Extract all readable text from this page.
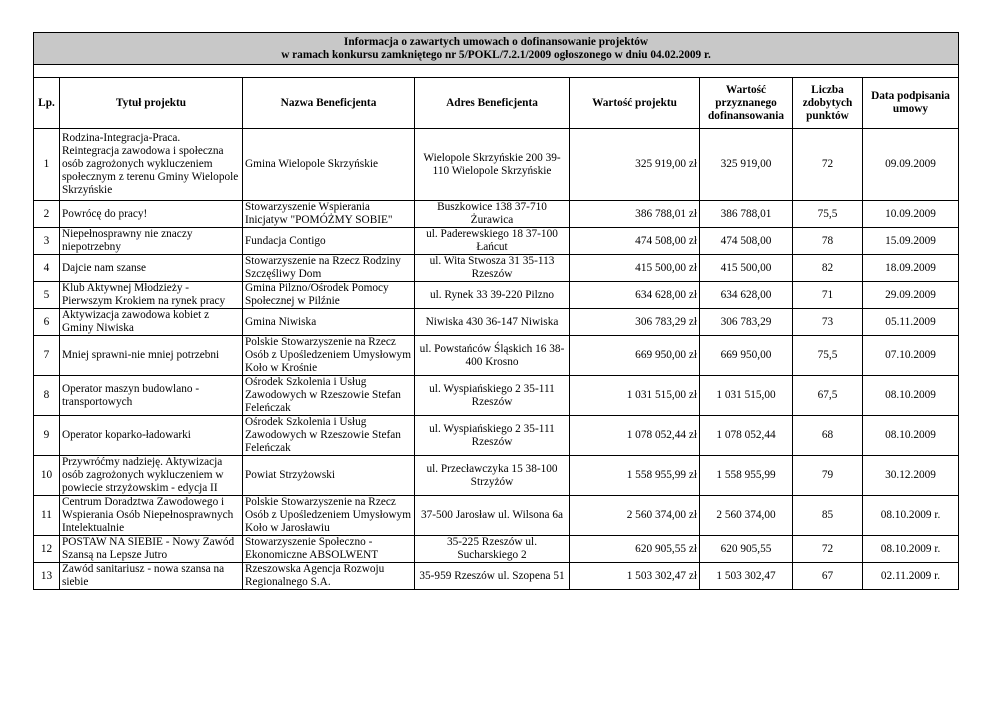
Informacja o zawartych umowach o dofinansowanie projektów
w ramach konkursu zamkniętego nr 5/POKL/7.2.1/2009 ogłoszonego w dniu 04.02.2009 r.							

Lp.	Tytuł projektu	Nazwa Beneficjenta	Adres Beneficjenta	Wartość projektu	Wartość przyznanego dofinansowania	Liczba zdobytych punktów	Data podpisania umowy
1	Rodzina-Integracja-Praca. Reintegracja zawodowa i społeczna osób zagrożonych wykluczeniem społecznym z terenu Gminy Wielopole Skrzyńskie	Gmina Wielopole Skrzyńskie	Wielopole Skrzyńskie 200 39-110 Wielopole Skrzyńskie	325 919,00 zł	325 919,00	72	09.09.2009
2	Powrócę do pracy!	Stowarzyszenie Wspierania Inicjatyw "POMÓŻMY SOBIE"	Buszkowice 138 37-710 Żurawica	386 788,01 zł	386 788,01	75,5	10.09.2009
3	Niepełnosprawny nie znaczy niepotrzebny	Fundacja Contigo	ul. Paderewskiego 18 37-100 Łańcut	474 508,00 zł	474 508,00	78	15.09.2009
4	Dajcie nam szanse	Stowarzyszenie na Rzecz Rodziny Szczęśliwy Dom	ul. Wita Stwosza 31 35-113 Rzeszów	415 500,00 zł	415 500,00	82	18.09.2009
5	Klub Aktywnej Młodzieży - Pierwszym Krokiem na rynek pracy	Gmina Pilzno/Ośrodek Pomocy Społecznej w Pilźnie	ul. Rynek 33 39-220 Pilzno	634 628,00 zł	634 628,00	71	29.09.2009
6	Aktywizacja zawodowa kobiet z Gminy Niwiska	Gmina Niwiska	Niwiska 430 36-147 Niwiska	306 783,29 zł	306 783,29	73	05.11.2009
7	Mniej sprawni-nie mniej potrzebni	Polskie Stowarzyszenie na Rzecz Osób z Upośledzeniem Umysłowym Koło w Krośnie	ul. Powstańców Śląskich 16 38-400 Krosno	669 950,00 zł	669 950,00	75,5	07.10.2009
8	Operator maszyn budowlano - transportowych	Ośrodek Szkolenia i Usług Zawodowych w Rzeszowie Stefan Feleńczak	ul. Wyspiańskiego 2 35-111 Rzeszów	1 031 515,00 zł	1 031 515,00	67,5	08.10.2009
9	Operator koparko-ładowarki	Ośrodek Szkolenia i Usług Zawodowych w Rzeszowie Stefan Feleńczak	ul. Wyspiańskiego 2 35-111 Rzeszów	1 078 052,44 zł	1 078 052,44	68	08.10.2009
10	Przywróćmy nadzieję. Aktywizacja osób zagrożonych wykluczeniem w powiecie strzyżowskim - edycja II	Powiat Strzyżowski	ul. Przecławczyka 15 38-100 Strzyżów	1 558 955,99 zł	1 558 955,99	79	30.12.2009
11	Centrum Doradztwa Zawodowego i Wspierania Osób Niepełnosprawnych Intelektualnie	Polskie Stowarzyszenie na Rzecz Osób z Upośledzeniem Umysłowym Koło w Jarosławiu	37-500 Jarosław ul. Wilsona 6a	2 560 374,00 zł	2 560 374,00	85	08.10.2009 r.
12	POSTAW NA SIEBIE - Nowy Zawód Szansą na Lepsze Jutro	Stowarzyszenie Społeczno - Ekonomiczne ABSOLWENT	35-225 Rzeszów ul. Sucharskiego 2	620 905,55 zł	620 905,55	72	08.10.2009 r.
13	Zawód sanitariusz - nowa szansa na siebie	Rzeszowska Agencja Rozwoju Regionalnego S.A.	35-959 Rzeszów ul. Szopena 51	1 503 302,47 zł	1 503 302,47	67	02.11.2009 r.
